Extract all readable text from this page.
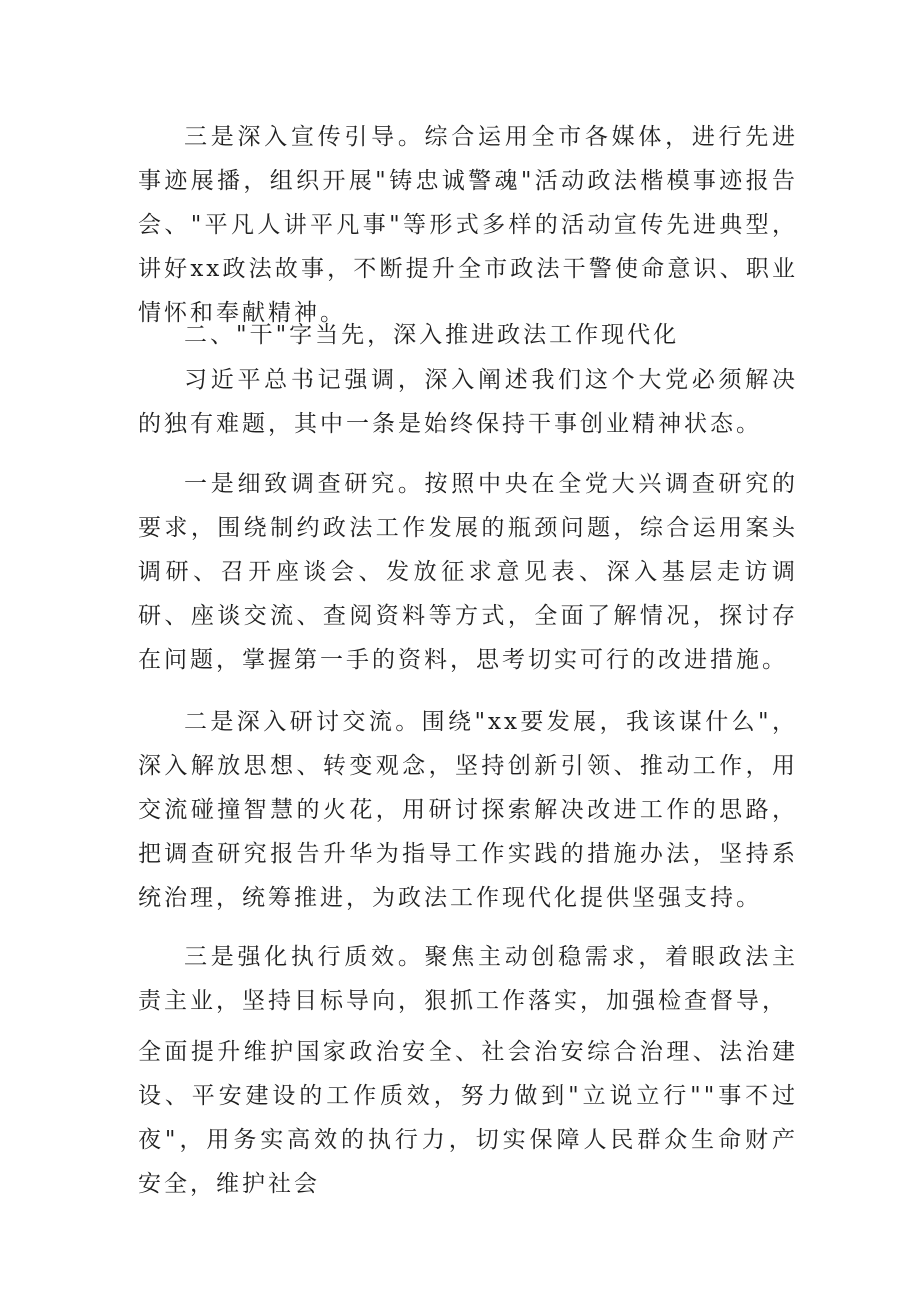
三是深入宣传引导。综合运用全市各媒体，进行先进事迹展播，组织开展"铸忠诚警魂"活动政法楷模事迹报告会、"平凡人讲平凡事"等形式多样的活动宣传先进典型，讲好xx政法故事，不断提升全市政法干警使命意识、职业情怀和奉献精神。

二、"干"字当先，深入推进政法工作现代化

习近平总书记强调，深入阐述我们这个大党必须解决的独有难题，其中一条是始终保持干事创业精神状态。

一是细致调查研究。按照中央在全党大兴调查研究的要求，围绕制约政法工作发展的瓶颈问题，综合运用案头调研、召开座谈会、发放征求意见表、深入基层走访调研、座谈交流、查阅资料等方式，全面了解情况，探讨存在问题，掌握第一手的资料，思考切实可行的改进措施。

二是深入研讨交流。围绕"xx要发展，我该谋什么"，深入解放思想、转变观念，坚持创新引领、推动工作，用交流碰撞智慧的火花，用研讨探索解决改进工作的思路，把调查研究报告升华为指导工作实践的措施办法，坚持系统治理，统筹推进，为政法工作现代化提供坚强支持。

三是强化执行质效。聚焦主动创稳需求，着眼政法主责主业，坚持目标导向，狠抓工作落实，加强检查督导，

全面提升维护国家政治安全、社会治安综合治理、法治建设、平安建设的工作质效，努力做到"立说立行""事不过夜"，用务实高效的执行力，切实保障人民群众生命财产安全，维护社会
